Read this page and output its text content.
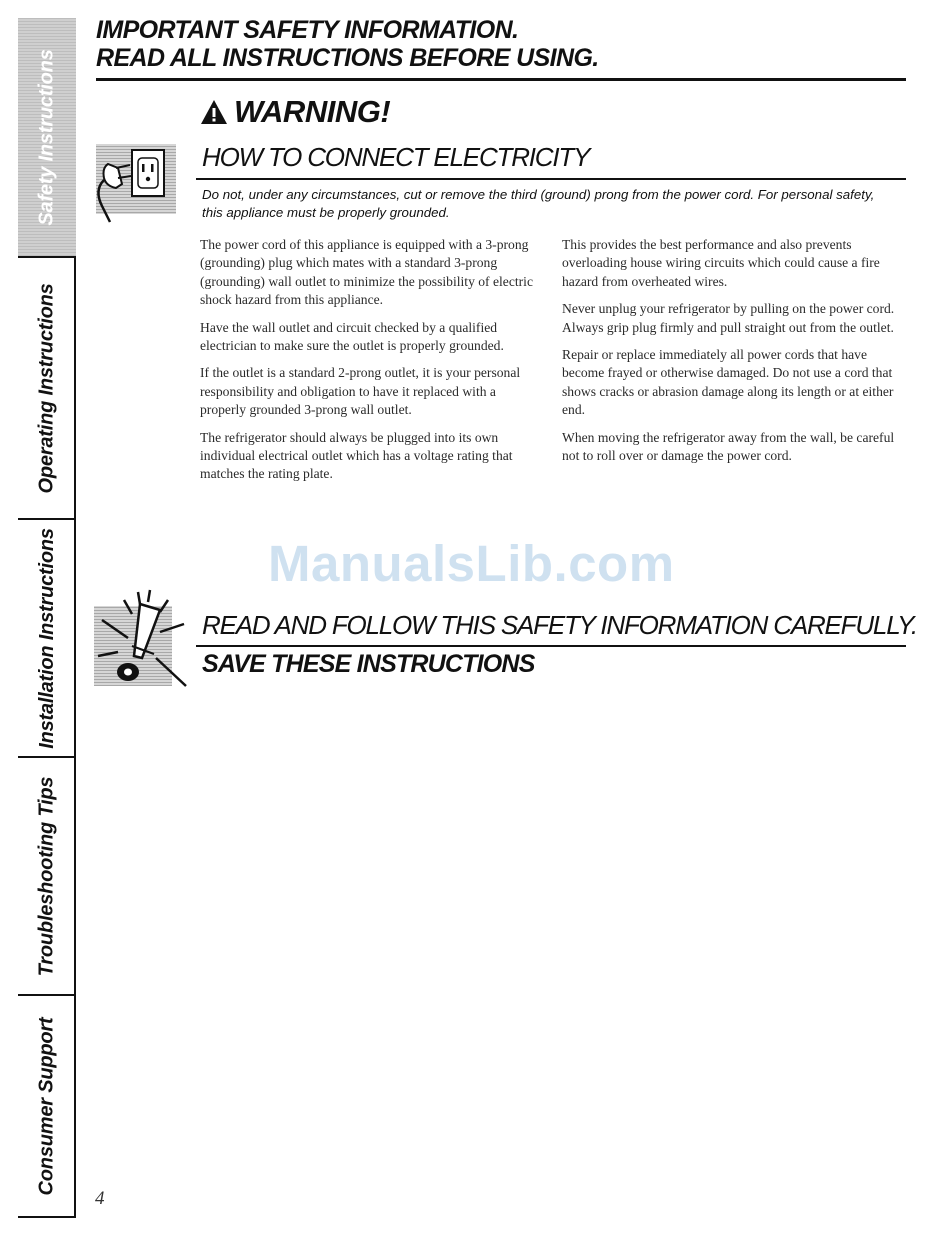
Safety Instructions
Operating Instructions
Installation Instructions
Troubleshooting Tips
Consumer Support
IMPORTANT SAFETY INFORMATION.
READ ALL INSTRUCTIONS BEFORE USING.
WARNING!
HOW TO CONNECT ELECTRICITY
Do not, under any circumstances, cut or remove the third (ground) prong from the power cord. For personal safety, this appliance must be properly grounded.

The power cord of this appliance is equipped with a 3-prong (grounding) plug which mates with a standard 3-prong (grounding) wall outlet to minimize the possibility of electric shock hazard from this appliance.

Have the wall outlet and circuit checked by a qualified electrician to make sure the outlet is properly grounded.

If the outlet is a standard 2-prong outlet, it is your personal responsibility and obligation to have it replaced with a properly grounded 3-prong wall outlet.

The refrigerator should always be plugged into its own individual electrical outlet which has a voltage rating that matches the rating plate.

This provides the best performance and also prevents overloading house wiring circuits which could cause a fire hazard from overheated wires.

Never unplug your refrigerator by pulling on the power cord. Always grip plug firmly and pull straight out from the outlet.

Repair or replace immediately all power cords that have become frayed or otherwise damaged. Do not use a cord that shows cracks or abrasion damage along its length or at either end.

When moving the refrigerator away from the wall, be careful not to roll over or damage the power cord.

ManualsLib.com
READ AND FOLLOW THIS SAFETY INFORMATION CAREFULLY.
SAVE THESE INSTRUCTIONS
4
